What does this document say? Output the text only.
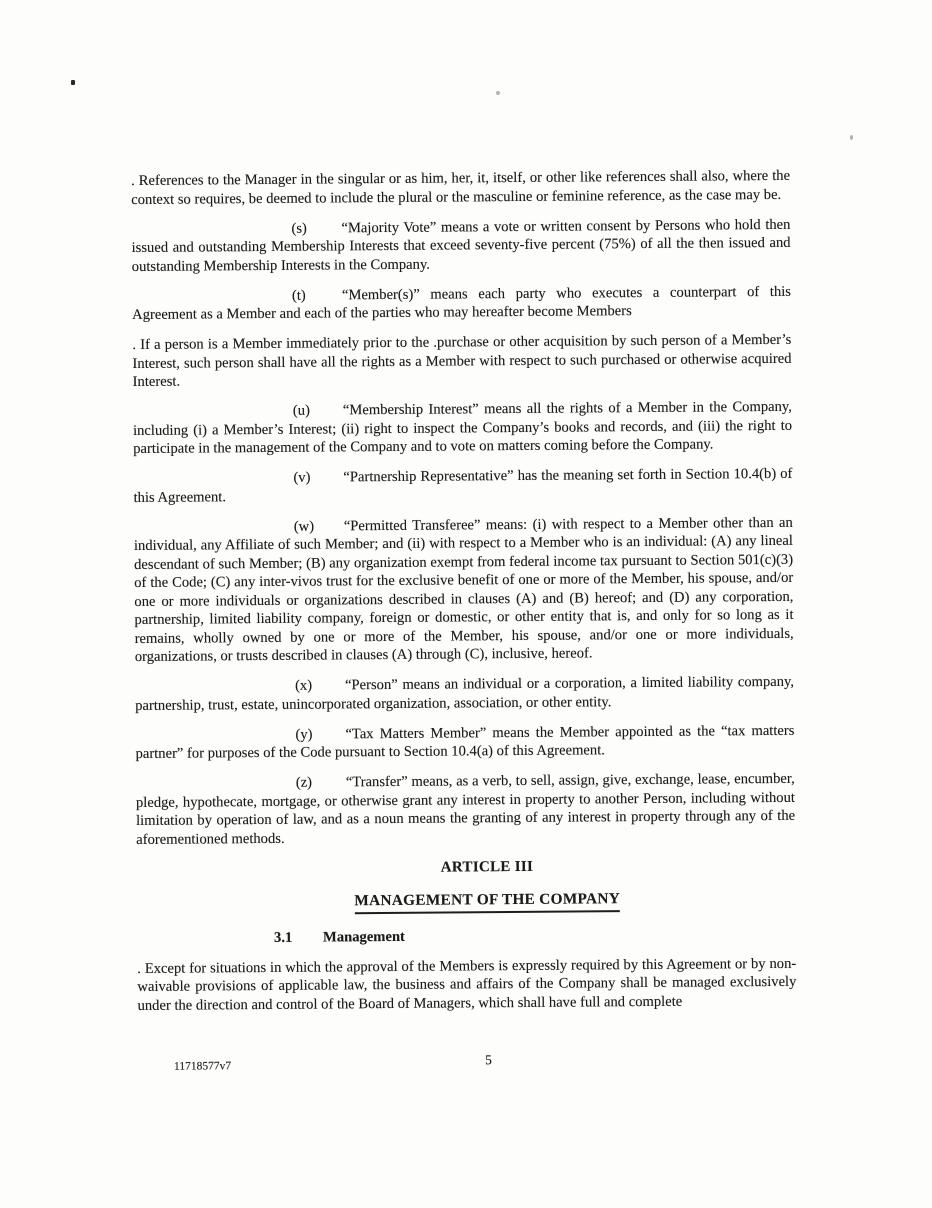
. References to the Manager in the singular or as him, her, it, itself, or other like references shall also, where the context so requires, be deemed to include the plural or the masculine or feminine reference, as the case may be.

(s) “Majority Vote” means a vote or written consent by Persons who hold then issued and outstanding Membership Interests that exceed seventy-five percent (75%) of all the then issued and outstanding Membership Interests in the Company.

(t) “Member(s)” means each party who executes a counterpart of this Agreement as a Member and each of the parties who may hereafter become Members

. If a person is a Member immediately prior to the .purchase or other acquisition by such person of a Member’s Interest, such person shall have all the rights as a Member with respect to such purchased or otherwise acquired Interest.

(u) “Membership Interest” means all the rights of a Member in the Company, including (i) a Member’s Interest; (ii) right to inspect the Company’s books and records, and (iii) the right to participate in the management of the Company and to vote on matters coming before the Company.

(v) “Partnership Representative” has the meaning set forth in Section 10.4(b) of this Agreement.

(w) “Permitted Transferee” means: (i) with respect to a Member other than an individual, any Affiliate of such Member; and (ii) with respect to a Member who is an individual: (A) any lineal descendant of such Member; (B) any organization exempt from federal income tax pursuant to Section 501(c)(3) of the Code; (C) any inter-vivos trust for the exclusive benefit of one or more of the Member, his spouse, and/or one or more individuals or organizations described in clauses (A) and (B) hereof; and (D) any corporation, partnership, limited liability company, foreign or domestic, or other entity that is, and only for so long as it remains, wholly owned by one or more of the Member, his spouse, and/or one or more individuals, organizations, or trusts described in clauses (A) through (C), inclusive, hereof.

(x) “Person” means an individual or a corporation, a limited liability company, partnership, trust, estate, unincorporated organization, association, or other entity.

(y) “Tax Matters Member” means the Member appointed as the “tax matters partner” for purposes of the Code pursuant to Section 10.4(a) of this Agreement.

(z) “Transfer” means, as a verb, to sell, assign, give, exchange, lease, encumber, pledge, hypothecate, mortgage, or otherwise grant any interest in property to another Person, including without limitation by operation of law, and as a noun means the granting of any interest in property through any of the aforementioned methods.

ARTICLE III

MANAGEMENT OF THE COMPANY

3.1 Management

. Except for situations in which the approval of the Members is expressly required by this Agreement or by non-waivable provisions of applicable law, the business and affairs of the Company shall be managed exclusively under the direction and control of the Board of Managers, which shall have full and complete

11718577v7	5
